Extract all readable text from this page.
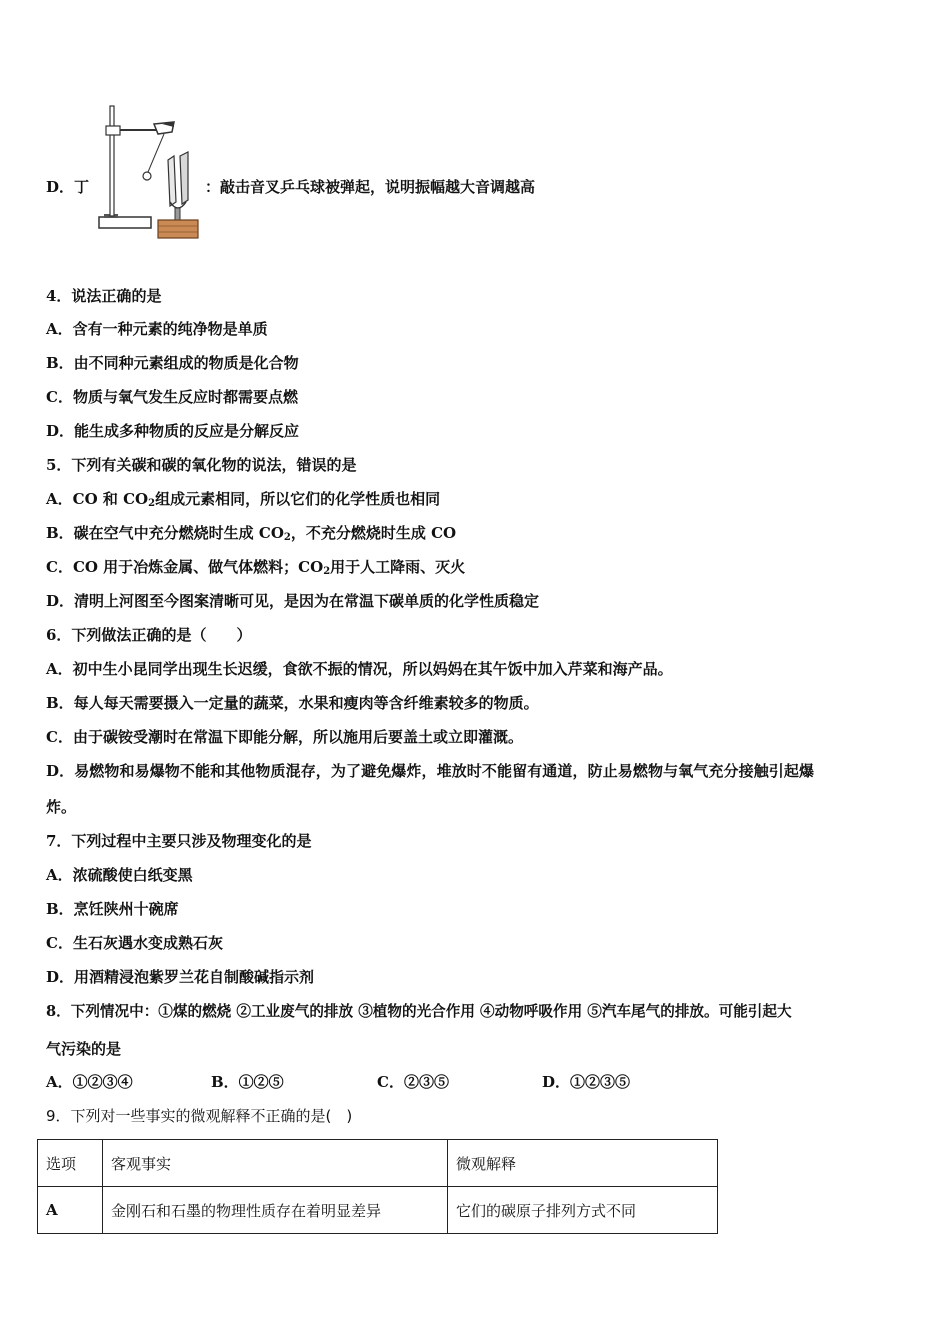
D．丁	：敲击音叉乒乓球被弹起，说明振幅越大音调越高
4．说法正确的是
A．含有一种元素的纯净物是单质
B．由不同种元素组成的物质是化合物
C．物质与氧气发生反应时都需要点燃
D．能生成多种物质的反应是分解反应
5．下列有关碳和碳的氧化物的说法，错误的是
A．CO 和 $CO_2$组成元素相同，所以它们的化学性质也相同
B．碳在空气中充分燃烧时生成 $CO_2$，不充分燃烧时生成 CO
C．CO 用于冶炼金属、做气体燃料；$CO_2$用于人工降雨、灭火
D．清明上河图至今图案清晰可见，是因为在常温下碳单质的化学性质稳定
6．下列做法正确的是（　　）
A．初中生小昆同学出现生长迟缓，食欲不振的情况，所以妈妈在其午饭中加入芹菜和海产品。
B．每人每天需要摄入一定量的蔬菜，水果和瘦肉等含纤维素较多的物质。
C．由于碳铵受潮时在常温下即能分解，所以施用后要盖土或立即灌溉。
D．易燃物和易爆物不能和其他物质混存，为了避免爆炸，堆放时不能留有通道，防止易燃物与氧气充分接触引起爆
炸。
7．下列过程中主要只涉及物理变化的是
A．浓硫酸使白纸变黑
B．烹饪陕州十碗席
C．生石灰遇水变成熟石灰
D．用酒精浸泡紫罗兰花自制酸碱指示剂
8．下列情况中：①煤的燃烧 ②工业废气的排放 ③植物的光合作用 ④动物呼吸作用 ⑤汽车尾气的排放。可能引起大
气污染的是
A．①②③④	B．①②⑤	C．②③⑤	D．①②③⑤
9．下列对一些事实的微观解释不正确的是(　)
选项	客观事实	微观解释
A	金刚石和石墨的物理性质存在着明显差异	它们的碳原子排列方式不同
